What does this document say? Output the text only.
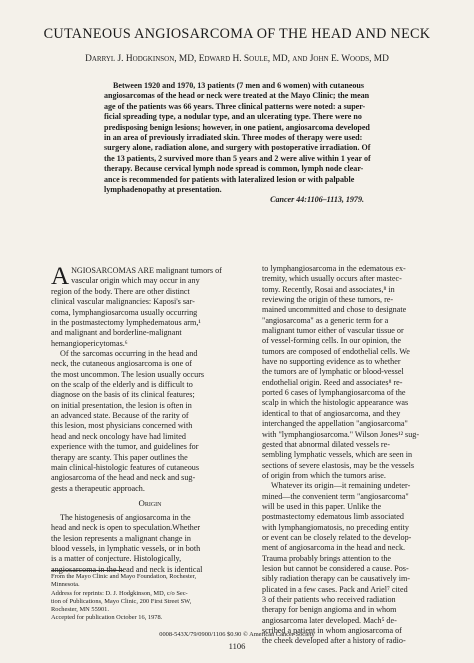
CUTANEOUS ANGIOSARCOMA OF THE HEAD AND NECK
Darryl J. Hodgkinson, MD, Edward H. Soule, MD, and John E. Woods, MD
Between 1920 and 1970, 13 patients (7 men and 6 women) with cutaneous
angiosarcomas of the head or neck were treated at the Mayo Clinic; the mean
age of the patients was 66 years. Three clinical patterns were noted: a super-
ficial spreading type, a nodular type, and an ulcerating type. There were no
predisposing benign lesions; however, in one patient, angiosarcoma developed
in an area of previously irradiated skin. Three modes of therapy were used:
surgery alone, radiation alone, and surgery with postoperative irradiation. Of
the 13 patients, 2 survived more than 5 years and 2 were alive within 1 year of
therapy. Because cervical lymph node spread is common, lymph node clear-
ance is recommended for patients with lateralized lesion or with palpable
lymphadenopathy at presentation.
Cancer 44:1106–1113, 1979.
A NGIOSARCOMAS ARE malignant tumors of
vascular origin which may occur in any
region of the body. There are other distinct
clinical vascular malignancies: Kaposi's sar-
coma, lymphangiosarcoma usually occurring
in the postmastectomy lymphedematous arm,¹
and malignant and borderline-malignant
hemangiopericytomas.⁶
Of the sarcomas occurring in the head and
neck, the cutaneous angiosarcoma is one of
the most uncommon. The lesion usually occurs
on the scalp of the elderly and is difficult to
diagnose on the basis of its clinical features;
on initial presentation, the lesion is often in
an advanced state. Because of the rarity of
this lesion, most physicians concerned with
head and neck oncology have had limited
experience with the tumor, and guidelines for
therapy are scanty. This paper outlines the
main clinical-histologic features of cutaneous
angiosarcoma of the head and neck and sug-
gests a therapeutic approach.
Origin
The histogenesis of angiosarcoma in the
head and neck is open to speculation.Whether
the lesion represents a malignant change in
blood vessels, in lymphatic vessels, or in both
is a matter of conjecture. Histologically,
angiosarcoma in the head and neck is identical
From the Mayo Clinic and Mayo Foundation, Rochester,
Minnesota.
Address for reprints: D. J. Hodgkinson, MD, c/o Sec-
tion of Publications, Mayo Clinic, 200 First Street SW,
Rochester, MN 55901.
Accepted for publication October 16, 1978.
to lymphangiosarcoma in the edematous ex-
tremity, which usually occurs after mastec-
tomy. Recently, Rosai and associates,⁸ in
reviewing the origin of these tumors, re-
mained uncommitted and chose to designate
"angiosarcoma" as a generic term for a
malignant tumor either of vascular tissue or
of vessel-forming cells. In our opinion, the
tumors are composed of endothelial cells. We
have no supporting evidence as to whether
the tumors are of lymphatic or blood-vessel
endothelial origin. Reed and associates⁸ re-
ported 6 cases of lymphangiosarcoma of the
scalp in which the histologic appearance was
identical to that of angiosarcoma, and they
interchanged the appellation "angiosarcoma"
with "lymphangiosarcoma." Wilson Jones¹² sug-
gested that abnormal dilated vessels re-
sembling lymphatic vessels, which are seen in
sections of severe elastosis, may be the vessels
of origin from which the tumors arise.
Whatever its origin—it remaining undeter-
mined—the convenient term "angiosarcoma"
will be used in this paper. Unlike the
postmastectomy edematous limb associated
with lymphangiomatosis, no preceding entity
or event can be closely related to the develop-
ment of angiosarcoma in the head and neck.
Trauma probably brings attention to the
lesion but cannot be considered a cause. Pos-
sibly radiation therapy can be causatively im-
plicated in a few cases. Pack and Ariel⁷ cited
3 of their patients who received radiation
therapy for benign angioma and in whom
angiosarcoma later developed. Mach⁵ de-
scribed a patient in whom angiosarcoma of
the cheek developed after a history of radio-
0008-543X/79/0900/1106 $0.90 © American Cancer Society
1106
